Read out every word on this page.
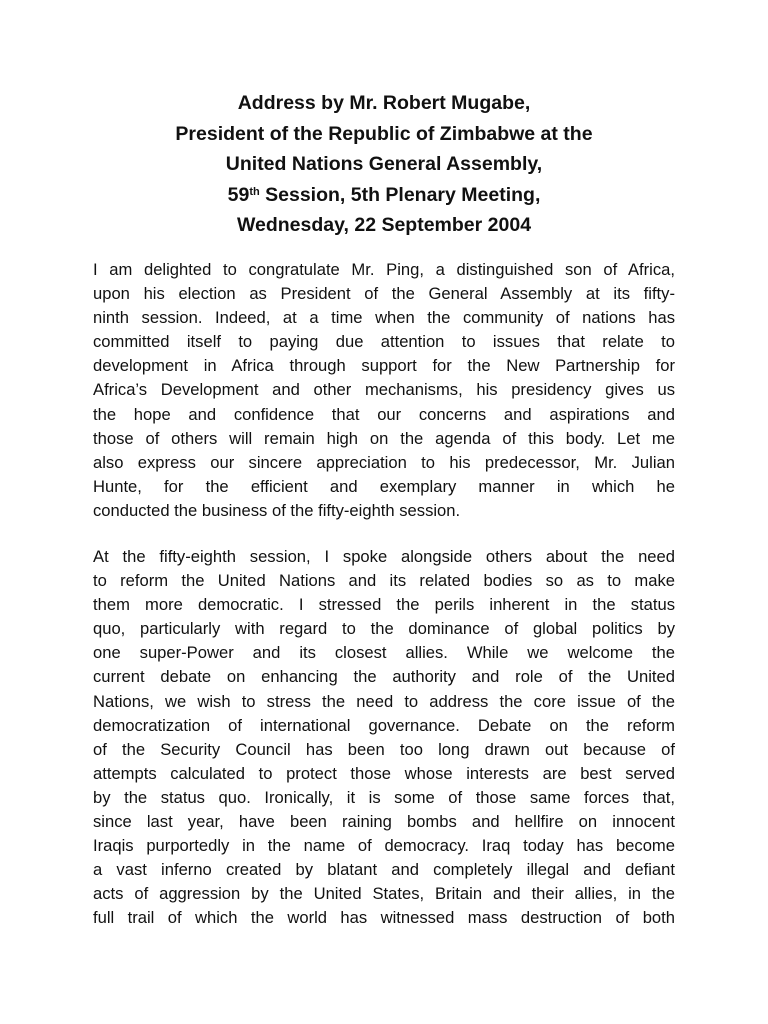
Address by Mr. Robert Mugabe,
President of the Republic of Zimbabwe at the
United Nations General Assembly,
59th Session, 5th Plenary Meeting,
Wednesday, 22 September 2004
I am delighted to congratulate Mr. Ping, a distinguished son of Africa,
upon his election as President of the General Assembly at its fifty-
ninth session. Indeed, at a time when the community of nations has
committed itself to paying due attention to issues that relate to
development in Africa through support for the New Partnership for
Africa’s Development and other mechanisms, his presidency gives us
the hope and confidence that our concerns and aspirations and
those of others will remain high on the agenda of this body. Let me
also express our sincere appreciation to his predecessor, Mr. Julian
Hunte, for the efficient and exemplary manner in which he
conducted the business of the fifty-eighth session.
At the fifty-eighth session, I spoke alongside others about the need
to reform the United Nations and its related bodies so as to make
them more democratic. I stressed the perils inherent in the status
quo, particularly with regard to the dominance of global politics by
one super-Power and its closest allies. While we welcome the
current debate on enhancing the authority and role of the United
Nations, we wish to stress the need to address the core issue of the
democratization of international governance. Debate on the reform
of the Security Council has been too long drawn out because of
attempts calculated to protect those whose interests are best served
by the status quo. Ironically, it is some of those same forces that,
since last year, have been raining bombs and hellfire on innocent
Iraqis purportedly in the name of democracy. Iraq today has become
a vast inferno created by blatant and completely illegal and defiant
acts of aggression by the United States, Britain and their allies, in the
full trail of which the world has witnessed mass destruction of both
